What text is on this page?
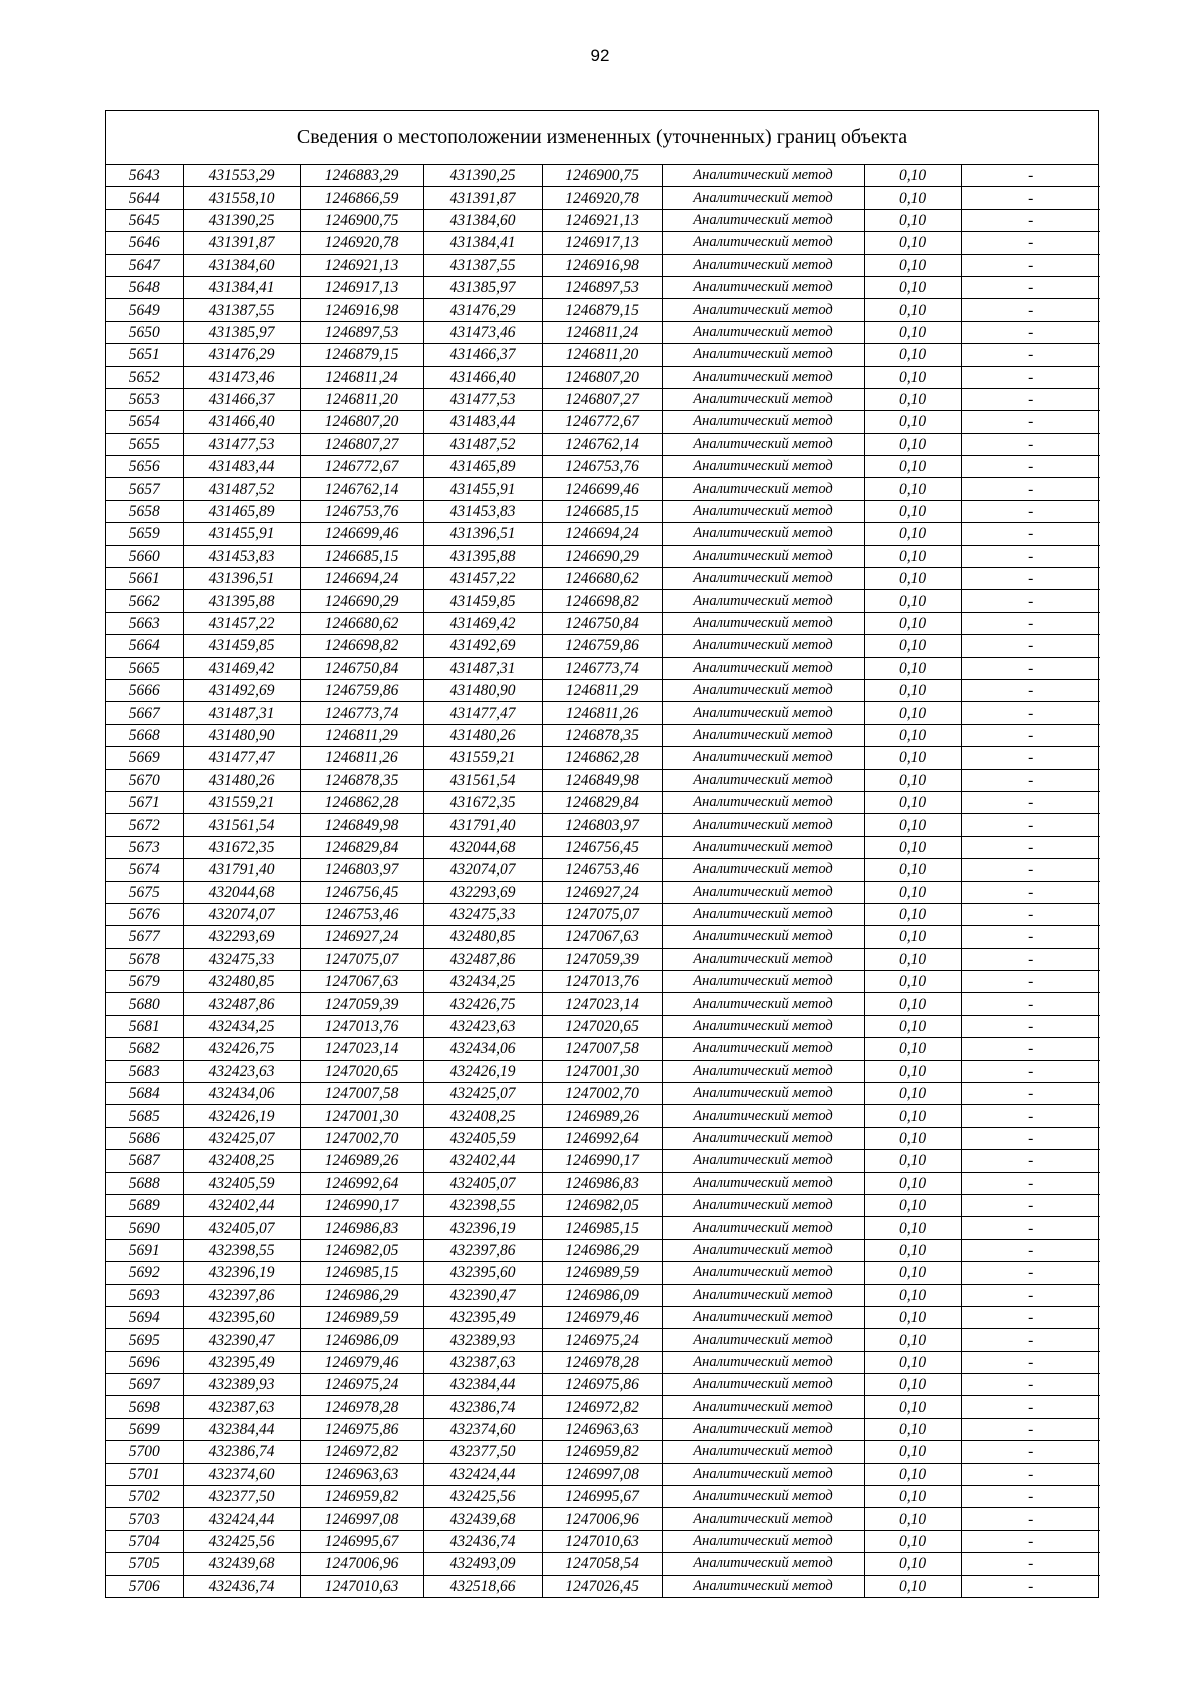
92
Сведения о местоположении измененных (уточненных) границ объекта
5643	431553,29	1246883,29	431390,25	1246900,75	Аналитический метод	0,10	-
5644	431558,10	1246866,59	431391,87	1246920,78	Аналитический метод	0,10	-
5645	431390,25	1246900,75	431384,60	1246921,13	Аналитический метод	0,10	-
5646	431391,87	1246920,78	431384,41	1246917,13	Аналитический метод	0,10	-
5647	431384,60	1246921,13	431387,55	1246916,98	Аналитический метод	0,10	-
5648	431384,41	1246917,13	431385,97	1246897,53	Аналитический метод	0,10	-
5649	431387,55	1246916,98	431476,29	1246879,15	Аналитический метод	0,10	-
5650	431385,97	1246897,53	431473,46	1246811,24	Аналитический метод	0,10	-
5651	431476,29	1246879,15	431466,37	1246811,20	Аналитический метод	0,10	-
5652	431473,46	1246811,24	431466,40	1246807,20	Аналитический метод	0,10	-
5653	431466,37	1246811,20	431477,53	1246807,27	Аналитический метод	0,10	-
5654	431466,40	1246807,20	431483,44	1246772,67	Аналитический метод	0,10	-
5655	431477,53	1246807,27	431487,52	1246762,14	Аналитический метод	0,10	-
5656	431483,44	1246772,67	431465,89	1246753,76	Аналитический метод	0,10	-
5657	431487,52	1246762,14	431455,91	1246699,46	Аналитический метод	0,10	-
5658	431465,89	1246753,76	431453,83	1246685,15	Аналитический метод	0,10	-
5659	431455,91	1246699,46	431396,51	1246694,24	Аналитический метод	0,10	-
5660	431453,83	1246685,15	431395,88	1246690,29	Аналитический метод	0,10	-
5661	431396,51	1246694,24	431457,22	1246680,62	Аналитический метод	0,10	-
5662	431395,88	1246690,29	431459,85	1246698,82	Аналитический метод	0,10	-
5663	431457,22	1246680,62	431469,42	1246750,84	Аналитический метод	0,10	-
5664	431459,85	1246698,82	431492,69	1246759,86	Аналитический метод	0,10	-
5665	431469,42	1246750,84	431487,31	1246773,74	Аналитический метод	0,10	-
5666	431492,69	1246759,86	431480,90	1246811,29	Аналитический метод	0,10	-
5667	431487,31	1246773,74	431477,47	1246811,26	Аналитический метод	0,10	-
5668	431480,90	1246811,29	431480,26	1246878,35	Аналитический метод	0,10	-
5669	431477,47	1246811,26	431559,21	1246862,28	Аналитический метод	0,10	-
5670	431480,26	1246878,35	431561,54	1246849,98	Аналитический метод	0,10	-
5671	431559,21	1246862,28	431672,35	1246829,84	Аналитический метод	0,10	-
5672	431561,54	1246849,98	431791,40	1246803,97	Аналитический метод	0,10	-
5673	431672,35	1246829,84	432044,68	1246756,45	Аналитический метод	0,10	-
5674	431791,40	1246803,97	432074,07	1246753,46	Аналитический метод	0,10	-
5675	432044,68	1246756,45	432293,69	1246927,24	Аналитический метод	0,10	-
5676	432074,07	1246753,46	432475,33	1247075,07	Аналитический метод	0,10	-
5677	432293,69	1246927,24	432480,85	1247067,63	Аналитический метод	0,10	-
5678	432475,33	1247075,07	432487,86	1247059,39	Аналитический метод	0,10	-
5679	432480,85	1247067,63	432434,25	1247013,76	Аналитический метод	0,10	-
5680	432487,86	1247059,39	432426,75	1247023,14	Аналитический метод	0,10	-
5681	432434,25	1247013,76	432423,63	1247020,65	Аналитический метод	0,10	-
5682	432426,75	1247023,14	432434,06	1247007,58	Аналитический метод	0,10	-
5683	432423,63	1247020,65	432426,19	1247001,30	Аналитический метод	0,10	-
5684	432434,06	1247007,58	432425,07	1247002,70	Аналитический метод	0,10	-
5685	432426,19	1247001,30	432408,25	1246989,26	Аналитический метод	0,10	-
5686	432425,07	1247002,70	432405,59	1246992,64	Аналитический метод	0,10	-
5687	432408,25	1246989,26	432402,44	1246990,17	Аналитический метод	0,10	-
5688	432405,59	1246992,64	432405,07	1246986,83	Аналитический метод	0,10	-
5689	432402,44	1246990,17	432398,55	1246982,05	Аналитический метод	0,10	-
5690	432405,07	1246986,83	432396,19	1246985,15	Аналитический метод	0,10	-
5691	432398,55	1246982,05	432397,86	1246986,29	Аналитический метод	0,10	-
5692	432396,19	1246985,15	432395,60	1246989,59	Аналитический метод	0,10	-
5693	432397,86	1246986,29	432390,47	1246986,09	Аналитический метод	0,10	-
5694	432395,60	1246989,59	432395,49	1246979,46	Аналитический метод	0,10	-
5695	432390,47	1246986,09	432389,93	1246975,24	Аналитический метод	0,10	-
5696	432395,49	1246979,46	432387,63	1246978,28	Аналитический метод	0,10	-
5697	432389,93	1246975,24	432384,44	1246975,86	Аналитический метод	0,10	-
5698	432387,63	1246978,28	432386,74	1246972,82	Аналитический метод	0,10	-
5699	432384,44	1246975,86	432374,60	1246963,63	Аналитический метод	0,10	-
5700	432386,74	1246972,82	432377,50	1246959,82	Аналитический метод	0,10	-
5701	432374,60	1246963,63	432424,44	1246997,08	Аналитический метод	0,10	-
5702	432377,50	1246959,82	432425,56	1246995,67	Аналитический метод	0,10	-
5703	432424,44	1246997,08	432439,68	1247006,96	Аналитический метод	0,10	-
5704	432425,56	1246995,67	432436,74	1247010,63	Аналитический метод	0,10	-
5705	432439,68	1247006,96	432493,09	1247058,54	Аналитический метод	0,10	-
5706	432436,74	1247010,63	432518,66	1247026,45	Аналитический метод	0,10	-
